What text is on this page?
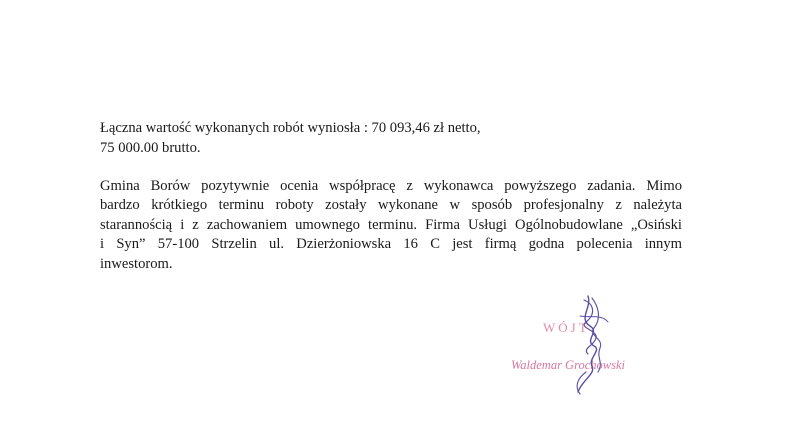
Łączna wartość wykonanych robót wyniosła : 70 093,46 zł netto,

75 000.00 brutto.

Gmina Borów pozytywnie ocenia współpracę z wykonawca powyższego zadania. Mimo
bardzo krótkiego terminu roboty zostały wykonane w sposób profesjonalny z należyta
starannością i z zachowaniem umownego terminu. Firma Usługi Ogólnobudowlane „Osiński
i Syn” 57-100 Strzelin ul. Dzierżoniowska 16 C jest firmą godna polecenia innym
inwestorom.
WÓJT
Waldemar Grochowski
